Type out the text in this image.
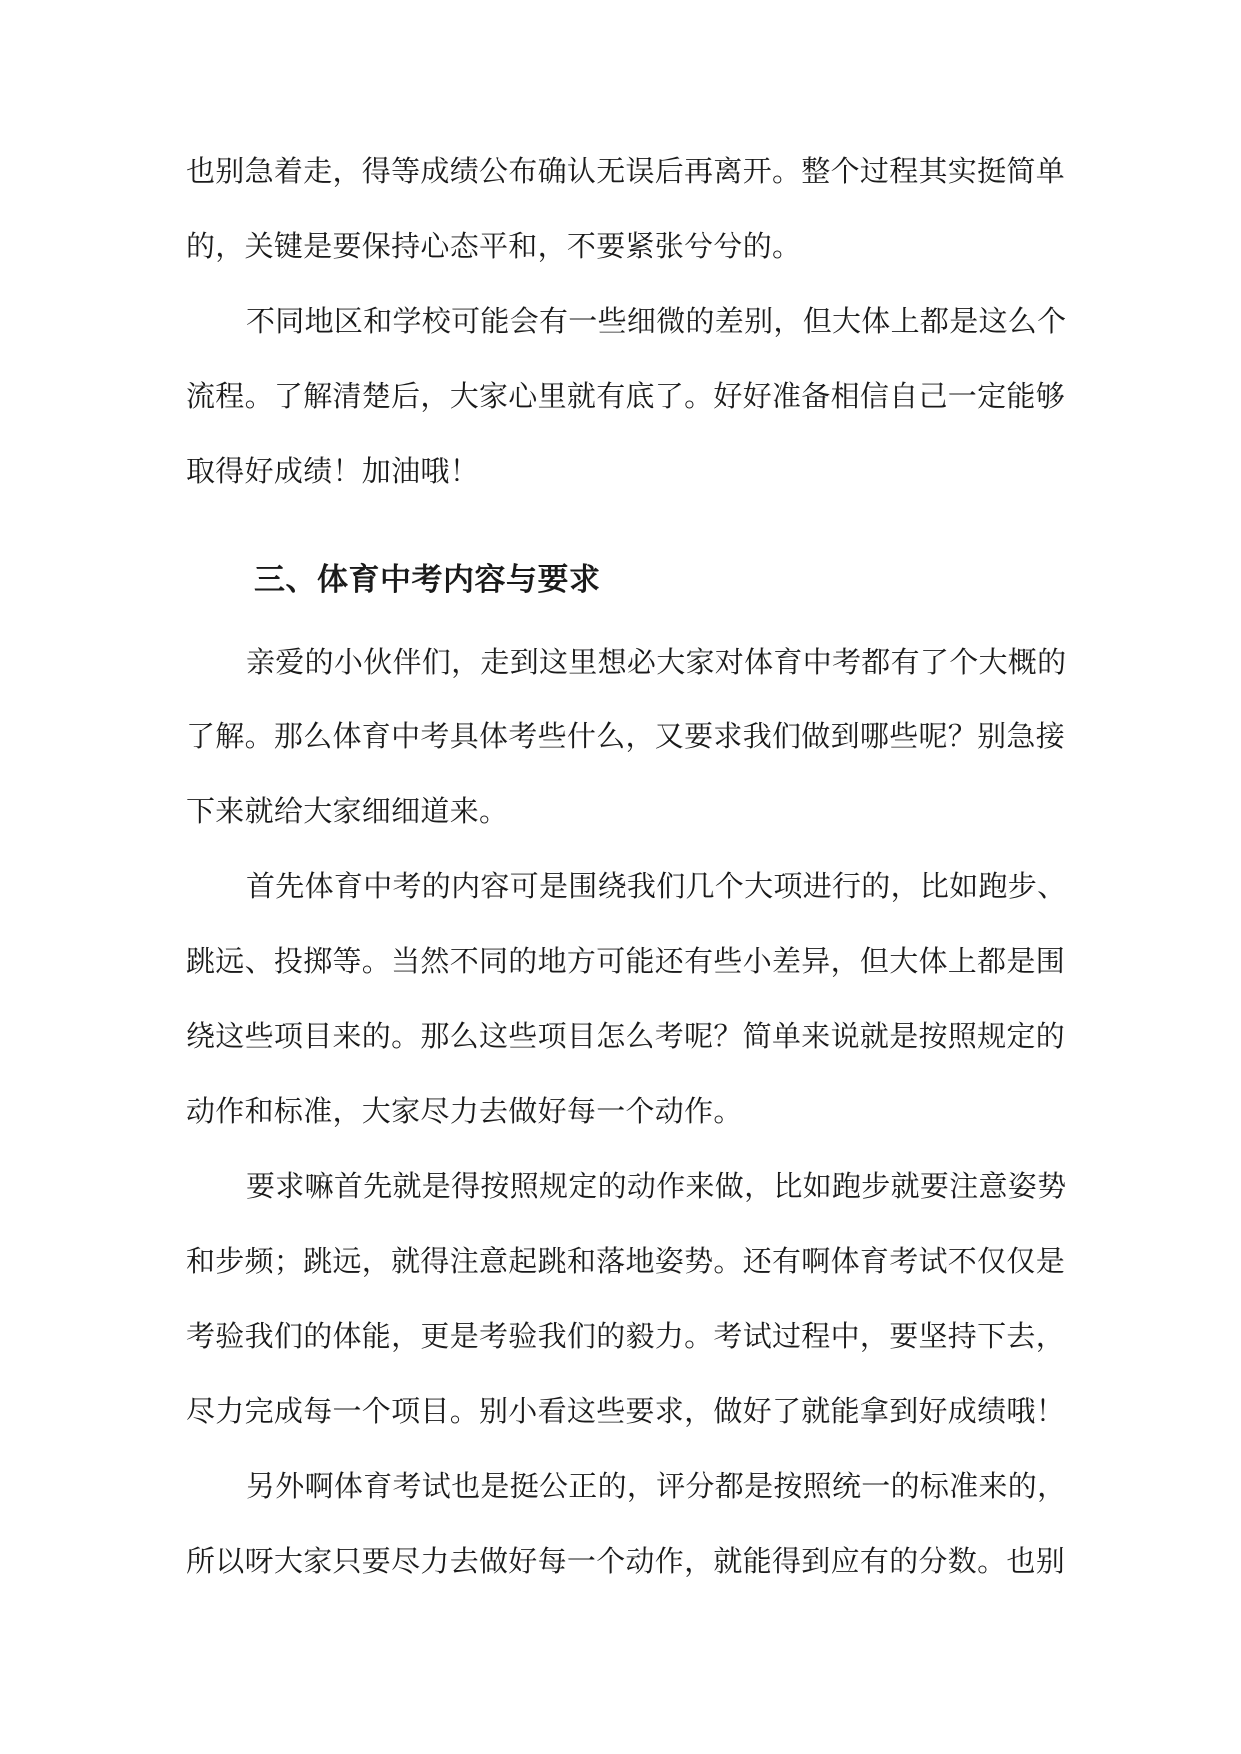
也别急着走，得等成绩公布确认无误后再离开。整个过程其实挺简单
的，关键是要保持心态平和，不要紧张兮兮的。
不同地区和学校可能会有一些细微的差别，但大体上都是这么个
流程。了解清楚后，大家心里就有底了。好好准备相信自己一定能够
取得好成绩！加油哦！
三、体育中考内容与要求
亲爱的小伙伴们，走到这里想必大家对体育中考都有了个大概的
了解。那么体育中考具体考些什么，又要求我们做到哪些呢？别急接
下来就给大家细细道来。
首先体育中考的内容可是围绕我们几个大项进行的，比如跑步、
跳远、投掷等。当然不同的地方可能还有些小差异，但大体上都是围
绕这些项目来的。那么这些项目怎么考呢？简单来说就是按照规定的
动作和标准，大家尽力去做好每一个动作。
要求嘛首先就是得按照规定的动作来做，比如跑步就要注意姿势
和步频；跳远，就得注意起跳和落地姿势。还有啊体育考试不仅仅是
考验我们的体能，更是考验我们的毅力。考试过程中，要坚持下去，
尽力完成每一个项目。别小看这些要求，做好了就能拿到好成绩哦！
另外啊体育考试也是挺公正的，评分都是按照统一的标准来的，
所以呀大家只要尽力去做好每一个动作，就能得到应有的分数。也别
